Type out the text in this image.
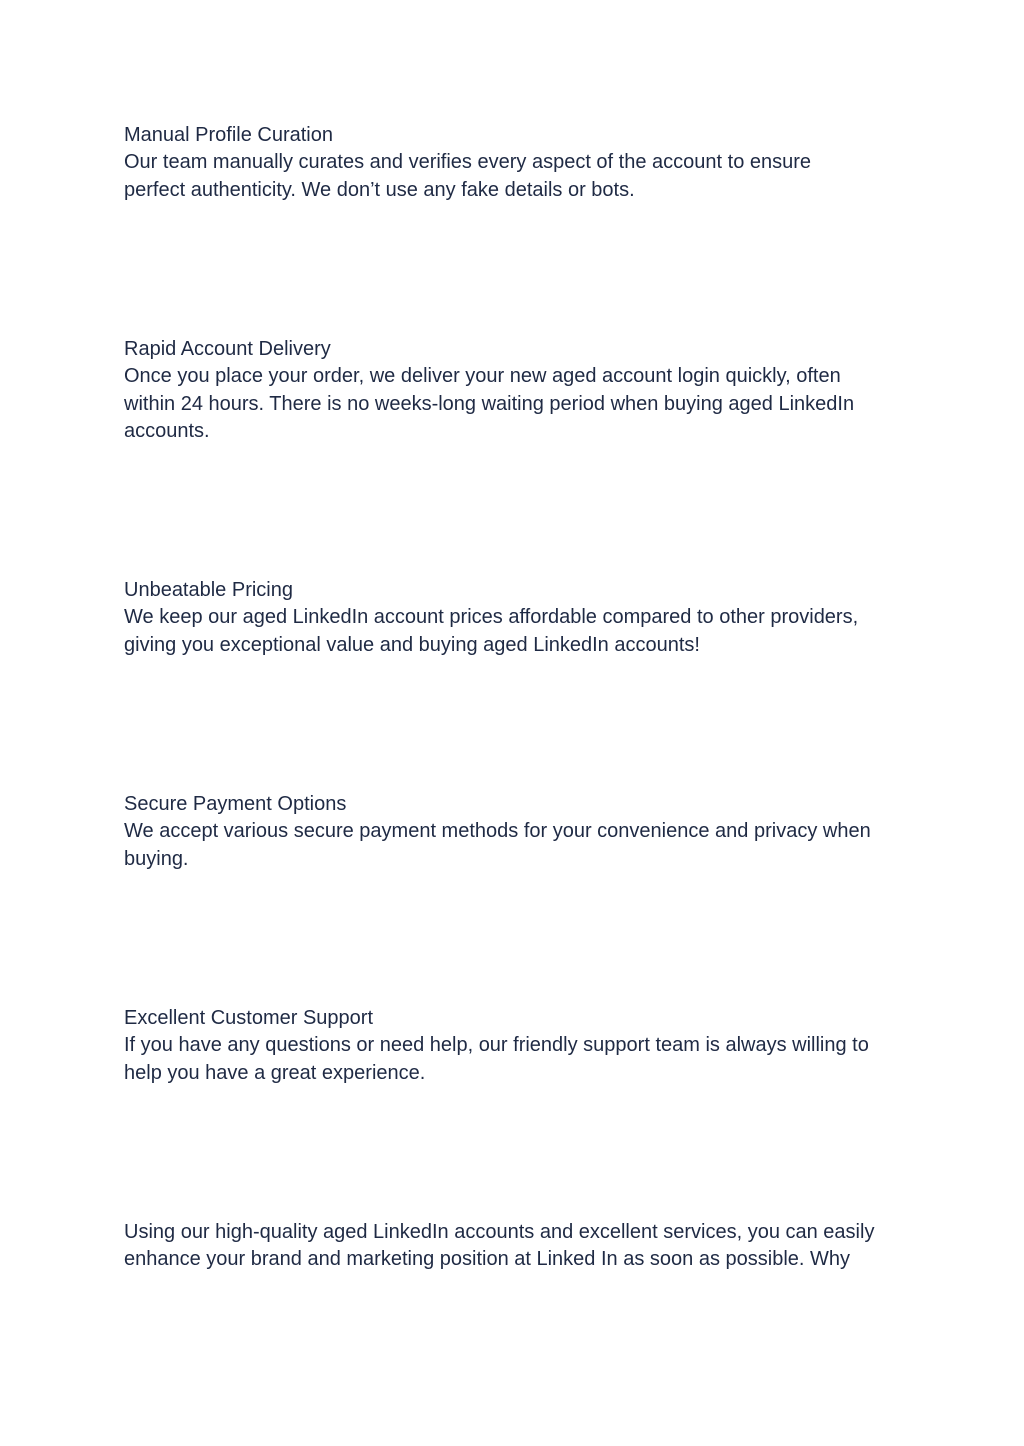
Manual Profile Curation

Our team manually curates and verifies every aspect of the account to ensure

perfect authenticity. We don’t use any fake details or bots.

Rapid Account Delivery

Once you place your order, we deliver your new aged account login quickly, often

within 24 hours. There is no weeks-long waiting period when buying aged LinkedIn

accounts.

Unbeatable Pricing

We keep our aged LinkedIn account prices affordable compared to other providers,

giving you exceptional value and buying aged LinkedIn accounts!

Secure Payment Options

We accept various secure payment methods for your convenience and privacy when

buying.

Excellent Customer Support

If you have any questions or need help, our friendly support team is always willing to

help you have a great experience.

Using our high-quality aged LinkedIn accounts and excellent services, you can easily

enhance your brand and marketing position at Linked In as soon as possible. Why
